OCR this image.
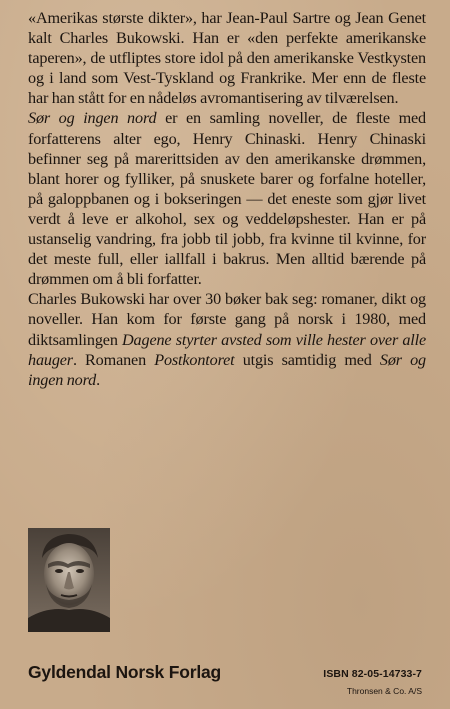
«Amerikas største dikter», har Jean-Paul Sartre og Jean Genet kalt Charles Bukowski. Han er «den perfekte amerikanske taperen», de utfliptes store idol på den amerikanske Vestkysten og i land som Vest-Tyskland og Frankrike. Mer enn de fleste har han stått for en nådeløs avromantisering av tilværelsen.

Sør og ingen nord er en samling noveller, de fleste med forfatterens alter ego, Henry Chinaski. Henry Chinaski befinner seg på marerittsiden av den amerikanske drømmen, blant horer og fylliker, på snuskete barer og forfalne hoteller, på galoppbanen og i bokseringen — det eneste som gjør livet verdt å leve er alkohol, sex og veddeløpshester. Han er på ustanselig vandring, fra jobb til jobb, fra kvinne til kvinne, for det meste full, eller iallfall i bakrus. Men alltid bærende på drømmen om å bli forfatter.

Charles Bukowski har over 30 bøker bak seg: romaner, dikt og noveller. Han kom for første gang på norsk i 1980, med diktsamlingen Dagene styrter avsted som ville hester over alle hauger. Romanen Postkontoret utgis samtidig med Sør og ingen nord.

Gyldendal Norsk Forlag	ISBN 82-05-14733-7
Thronsen & Co. A/S
